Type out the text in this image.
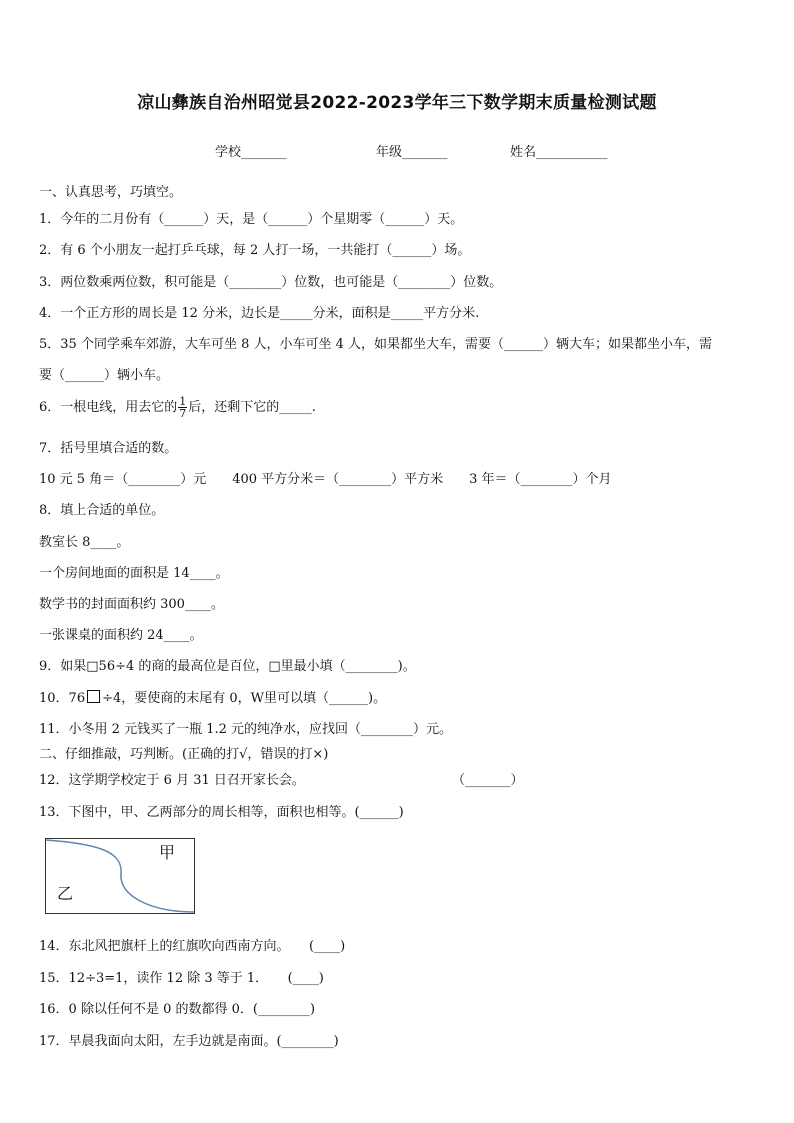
凉山彝族自治州昭觉县2022-2023学年三下数学期末质量检测试题
学校_______	年级_______	姓名___________
一、认真思考，巧填空。
1．今年的二月份有（______）天，是（______）个星期零（______）天。
2．有 6 个小朋友一起打乒乓球，每 2 人打一场，一共能打（______）场。
3．两位数乘两位数，积可能是（________）位数，也可能是（________）位数。
4．一个正方形的周长是 12 分米，边长是_____分米，面积是_____平方分米.
5．35 个同学乘车郊游，大车可坐 8 人，小车可坐 4 人，如果都坐大车，需要（______）辆大车；如果都坐小车，需
要（______）辆小车。
6．一根电线，用去它的 $\frac{1}{7}$ 后，还剩下它的_____.
7．括号里填合适的数。
10 元 5 角＝（________）元　　400 平方分米＝（________）平方米　　3 年＝（________）个月
8．填上合适的单位。
教室长 8____。
一个房间地面的面积是 14____。
数学书的封面面积约 300____。
一张课桌的面积约 24____。
9．如果□56÷4 的商的最高位是百位，□里最小填（________)。
10．76 ÷4，要使商的末尾有 0，W里可以填（______)。
11．小冬用 2 元钱买了一瓶 1.2 元的纯净水，应找回（________）元。
二、仔细推敲，巧判断。(正确的打√，错误的打×)
12．这学期学校定于 6 月 31 日召开家长会。	（_______）
13．下图中，甲、乙两部分的周长相等，面积也相等。(______)
甲
乙
14．东北风把旗杆上的红旗吹向西南方向。　　(____)
15．12÷3=1，读作 12 除 3 等于 1．　　(____)
16．0 除以任何不是 0 的数都得 0．(________)
17．早晨我面向太阳，左手边就是南面。(________)
